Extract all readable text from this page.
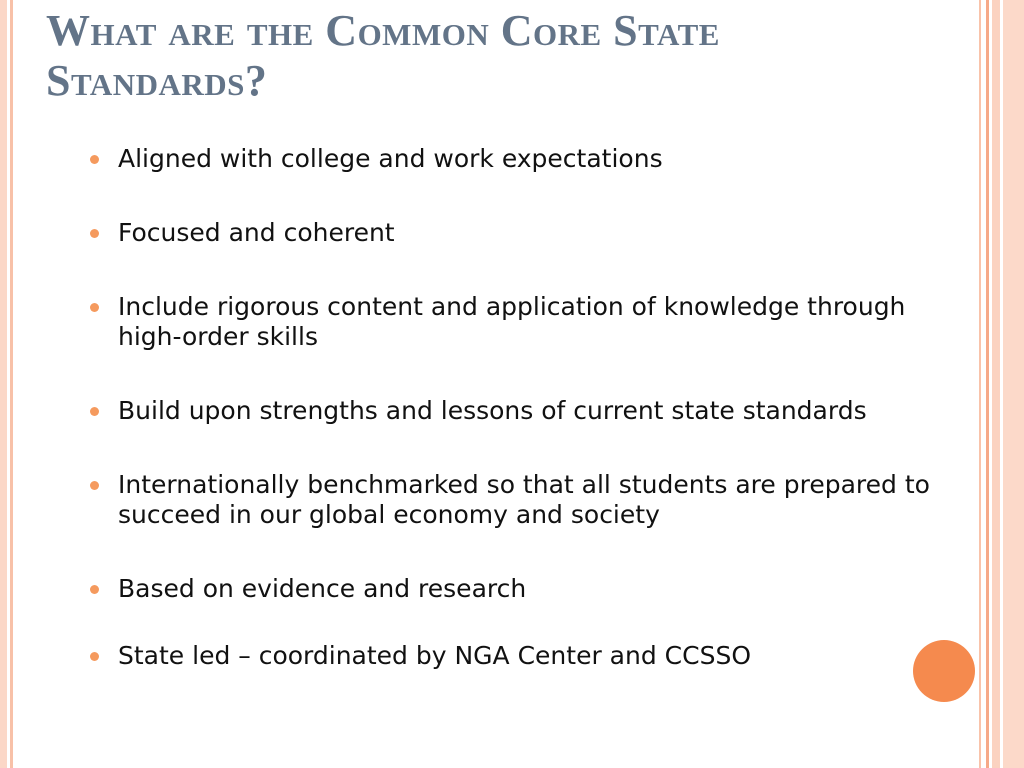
What are the Common Core State Standards?
Aligned with college and work expectations
Focused and coherent
Include rigorous content and application of knowledge through high-order skills
Build upon strengths and lessons of current state standards
Internationally benchmarked so that all students are prepared to succeed in our global economy and society
Based on evidence and research
State led – coordinated by NGA Center and CCSSO
